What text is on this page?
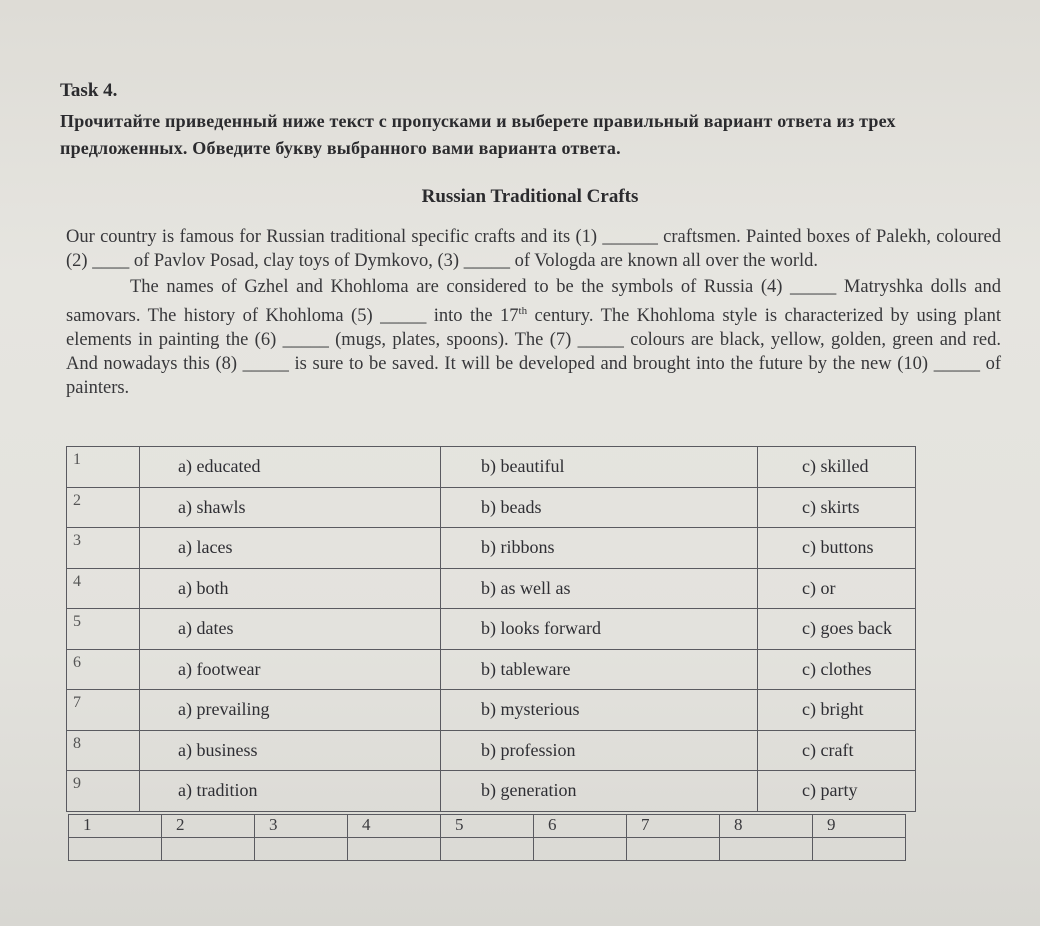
Task 4.
Прочитайте приведенный ниже текст с пропусками и выберете правильный вариант ответа из трех предложенных. Обведите букву выбранного вами варианта ответа.
Russian Traditional Crafts

Our country is famous for Russian traditional specific crafts and its (1) ______ craftsmen. Painted boxes of Palekh, coloured (2) ____ of Pavlov Posad, clay toys of Dymkovo, (3) _____ of Vologda are known all over the world.

The names of Gzhel and Khohloma are considered to be the symbols of Russia (4) _____ Matryshka dolls and samovars. The history of Khohloma (5) _____ into the 17th century. The Khohloma style is characterized by using plant elements in painting the (6) _____ (mugs, plates, spoons). The (7) _____ colours are black, yellow, golden, green and red. And nowadays this (8) _____ is sure to be saved. It will be developed and brought into the future by the new (10) _____ of painters.

1	a) educated	b) beautiful	c) skilled
2	a) shawls	b) beads	c) skirts
3	a) laces	b) ribbons	c) buttons
4	a) both	b) as well as	c) or
5	a) dates	b) looks forward	c) goes back
6	a) footwear	b) tableware	c) clothes
7	a) prevailing	b) mysterious	c) bright
8	a) business	b) profession	c) craft
9	a) tradition	b) generation	c) party
1	2	3	4	5	6	7	8	9
